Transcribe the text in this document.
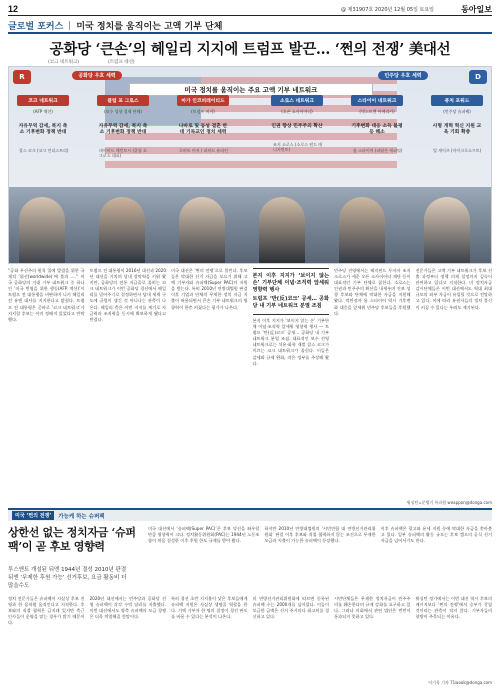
12	@ 제31907호 2020년 12월 05일 토요일	동아일보
글로벌 포커스 미국 정치를 움직이는 고액 기부 단체
공화당 ‘큰손’의 헤일리 지지에 트럼프 발끈… ‘쩐의 전쟁’ 美대선
(코크 네트워크)	(트럼프 대선)
R	D
공화당 우호 세력	민주당 우호 세력
미국 정치를 움직이는 주요 고액 기부 네트워크
코크 네트워크
(AFP 액션)
자유무역 감세, 복지 축소 기후변화 정책 반대
찰스 코크 (코크 인더스트리)
클럽 포 그로스
(보수 성향 경제 단체)
자유무역 감세, 복지 축소 기후변화 정책 반대
데이비드 매킨토시 (클럽 포 그로스 대표)
마가 인코퍼레이티드
(트럼프 지지)
나바로 및 동성 결혼 반대 기독교인 정치 세력
로버트 머서 / 리처드 유라인
소로스 네트워크
(오픈 소사이어티)
인권 향상 민주주의 확산
조지 소로스 (소로스 펀드 매니지먼트)
스타이어 네트워크
(넥스트젠 아메리카)
기후변화 대응 소득 불평등 해소
톰 스타이어 (파랄론 캐피털)
퓨처 포워드
(민주당 슈퍼팩)
사형 개혁 혁신 지원 교육 기회 확충
빌 게이츠 (마이크로소프트)
“공화 우선주의 원칙 입에 발림을 위한 국제적 ‘위선(worldwide)’에 불과 ….” 미국 공화당의 거대 기부 네트워크 중 하나인 ‘미국 번영을 위한 행동(AFP 액션)’이 트럼프 전 대통령을 비판하며 니키 헤일리 전 유엔 대사를 지지한다고 밝혔다. 트럼프 전 대통령은 곧바로 ‘코크 네트워크’가 지지할 후보는 이미 정해져 있었다고 반박했다.
트럼프 전 대통령이 2016년 대선과 2020년 대선을 거치며 당내 장악력을 키워 왔지만, 공화당의 전통 자금줄로 꼽히는 코크 네트워크가 이번 공화당 경선에서 헤일리를 밀어주기로 결정하면서 당내 세력 구도에 균열이 생긴 것 아니냐는 관측이 나온다. 헤일리 측은 이번 지지를 계기로 자금력과 조직력을 동시에 확보하게 됐다고 반겼다.
미국 대선은 ‘쩐의 전쟁’으로 불린다. 후보들은 막대한 선거 자금을 모으기 위해 고액 기부자와 슈퍼팩(Super PAC)의 지원을 받는다. 특히 2010년 연방대법원 판결 이후 기업과 단체의 무제한 정치 자금 지출이 허용되면서 큰손 기부 네트워크의 영향력이 한층 커졌다는 평가가 나온다.
본지 이후 지지가 ‘보이지 않는 손’ 기부단체 이념·조직력 앞세워 영향력 행사
트럼프 ‘반(反)코크’ 공세… 공화당 내 기부 네트워크 분열 조짐
본지 이후 지지가 ‘보이지 않는 손’ 기부단체 이념·조직력 앞세워 영향력 행사 — 트럼프 ‘반(反)코크’ 공세… 공화당 내 기부 네트워크 분열 조짐. 대표적인 보수 진영 네트워크로는 석유·화학 재벌 찰스 코크가 이끄는 코크 네트워크가 꼽힌다. 이들은 감세와 규제 완화, 작은 정부를 주장해 왔다.
민주당 진영에서는 헤지펀드 투자자 조지 소로스가 세운 오픈 소사이어티 재단 등이 대표적인 기부 단체로 꼽힌다. 소로스는 인권과 민주주의 확산을 내세우며 진보 성향 후보와 단체에 막대한 자금을 지원해 왔다. 억만장자 톰 스타이어 역시 기후변화 대응을 앞세워 민주당 후보들을 후원했다.
전문가들은 고액 기부 네트워크가 후보 선출 과정부터 정책 의제 설정까지 깊숙이 관여하고 있다고 지적한다. 미 정치자금 감시단체들은 이번 대선에서도 역대 최대 규모의 외부 자금이 유입될 것으로 전망하고 있다. 이에 따라 유권자들의 정치 불신이 커질 수 있다는 우려도 제기된다.
워싱턴=문병기 특파원 weappon@donga.com
미국 ‘쩐의 전쟁’	가능케 하는 슈퍼팩
상한선 없는 정치자금 ‘슈퍼팩’이 곧 후보 영향력
투스앤트 개설된 뒤엔 1944년 결성 2010년 판결 뒤엔 ‘무제한 후원 가능’ 선거후보, 요금 활동비 더 많을수도
미국 대선에서 ‘슈퍼팩(Super PAC)’은 후보 당선을 좌우할 만큼 영향력이 크다. 정치활동위원회(PAC)는 1944년 노동조합이 처음 결성한 이후 후원 한도 규제를 받아 왔다.
하지만 2010년 연방대법원의 ‘시민연합 대 연방선거관리위원회’ 판결 이후 후보와 직접 협력하지 않는 조건으로 무제한 모금과 지출이 가능한 슈퍼팩이 등장했다.
이후 슈퍼팩은 광고와 유세 지원 등에 막대한 자금을 쏟아붓고 있다. 일부 슈퍼팩의 활동 규모는 후보 캠프의 공식 선거 자금을 넘어서기도 한다.
정치 전문가들은 슈퍼팩이 사실상 후보 진영과 한 몸처럼 움직인다고 지적한다. 후보와의 직접 협력은 금지돼 있지만 측근 인사들이 운영을 맡는 경우가 많기 때문이다.
2020년 대선에서는 민주당과 공화당 진영 슈퍼팩이 각각 수억 달러를 지출했다. 이번 대선에서도 양측 슈퍼팩의 모금 경쟁은 더욱 치열해질 전망이다.
특히 경선 초반 지지율이 낮은 후보들에게 슈퍼팩 지원은 사실상 생명줄 역할을 한다. 거액 기부자 한 명의 결정이 경선 판도를 바꿀 수 있다는 분석이 나온다.
미 연방선거관리위원회에 따르면 등록된 슈퍼팩 수는 2000개를 넘어섰다. 이들이 모금한 금액은 선거 주기마다 최고치를 경신하고 있다.
시민단체들은 무제한 정치자금이 민주주의를 훼손한다며 규제 강화를 요구하고 있다. 그러나 의회에서 관련 법안은 번번이 통과되지 못하고 있다.
워싱턴 정가에서는 이번 대선 역시 후보의 메시지보다 ‘쩐의 전쟁’에서 승부가 갈릴 것이라는 관측이 적지 않다. 기부자들의 향방이 주목되는 이유다.
이기욱 기자 71wook@donga.com
